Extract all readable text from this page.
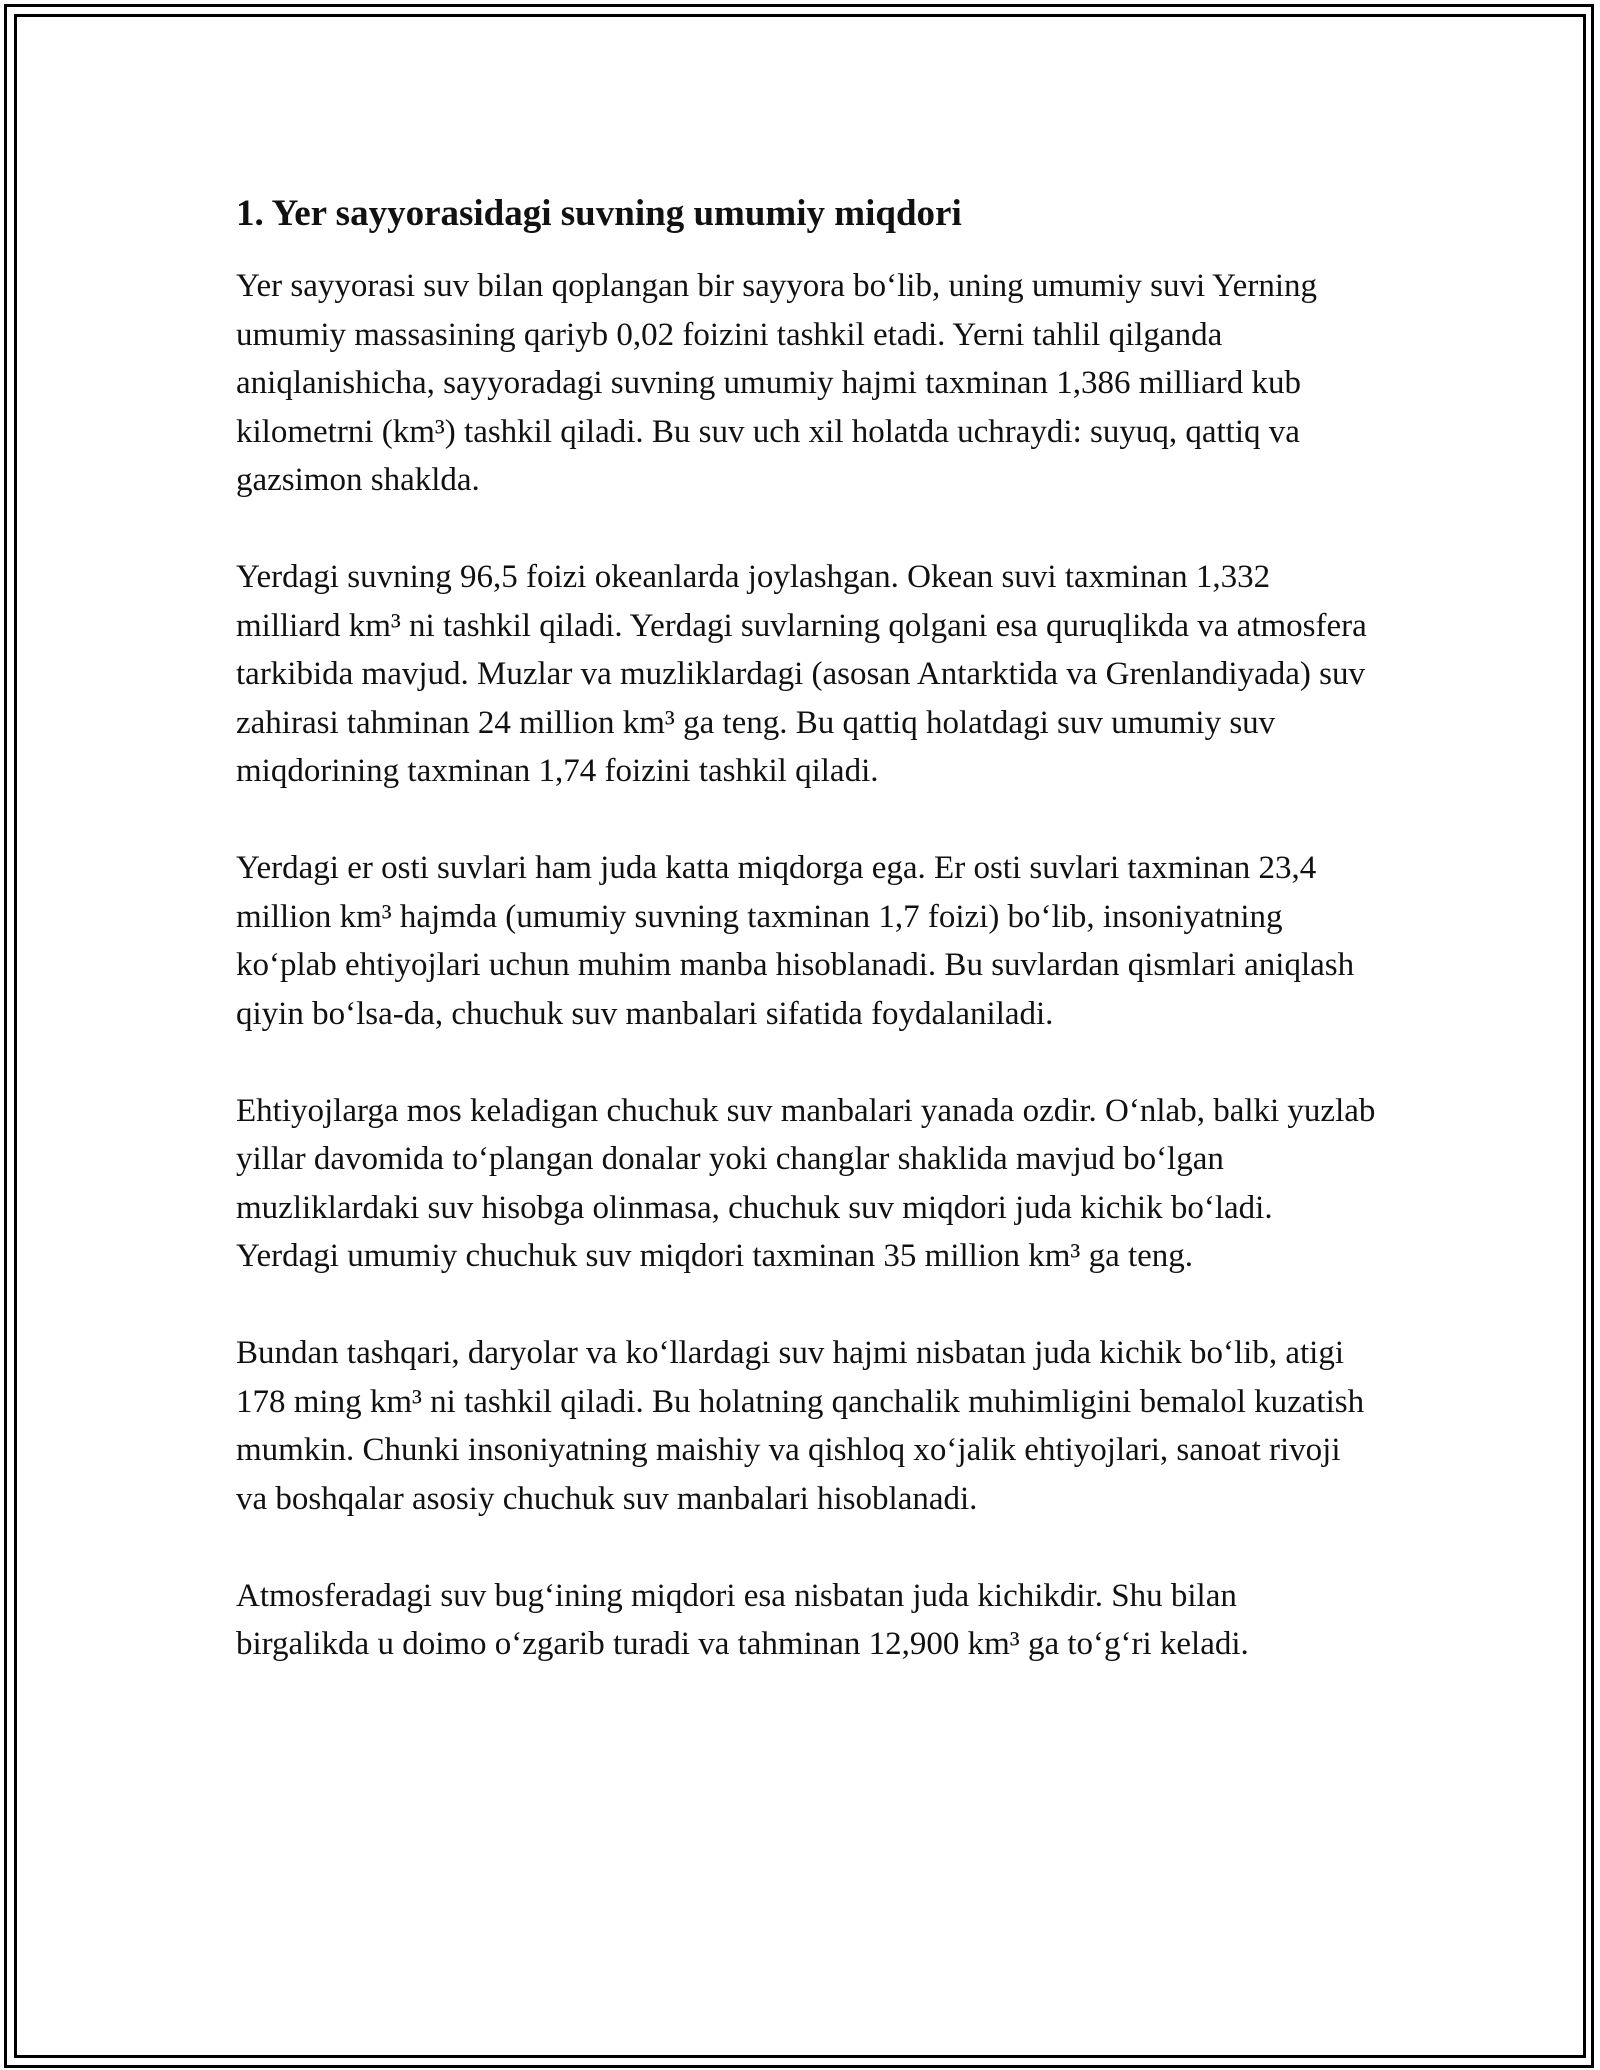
1. Yer sayyorasidagi suvning umumiy miqdori

Yer sayyorasi suv bilan qoplangan bir sayyora bo‘lib, uning umumiy suvi Yerning umumiy massasining qariyb 0,02 foizini tashkil etadi. Yerni tahlil qilganda aniqlanishicha, sayyoradagi suvning umumiy hajmi taxminan 1,386 milliard kub kilometrni (km³) tashkil qiladi. Bu suv uch xil holatda uchraydi: suyuq, qattiq va gazsimon shaklda.

Yerdagi suvning 96,5 foizi okeanlarda joylashgan. Okean suvi taxminan 1,332 milliard km³ ni tashkil qiladi. Yerdagi suvlarning qolgani esa quruqlikda va atmosfera tarkibida mavjud. Muzlar va muzliklardagi (asosan Antarktida va Grenlandiyada) suv zahirasi tahminan 24 million km³ ga teng. Bu qattiq holatdagi suv umumiy suv miqdorining taxminan 1,74 foizini tashkil qiladi.

Yerdagi er osti suvlari ham juda katta miqdorga ega. Er osti suvlari taxminan 23,4 million km³ hajmda (umumiy suvning taxminan 1,7 foizi) bo‘lib, insoniyatning ko‘plab ehtiyojlari uchun muhim manba hisoblanadi. Bu suvlardan qismlari aniqlash qiyin bo‘lsa-da, chuchuk suv manbalari sifatida foydalaniladi.

Ehtiyojlarga mos keladigan chuchuk suv manbalari yanada ozdir. O‘nlab, balki yuzlab yillar davomida to‘plangan donalar yoki changlar shaklida mavjud bo‘lgan muzliklardaki suv hisobga olinmasa, chuchuk suv miqdori juda kichik bo‘ladi. Yerdagi umumiy chuchuk suv miqdori taxminan 35 million km³ ga teng.

Bundan tashqari, daryolar va ko‘llardagi suv hajmi nisbatan juda kichik bo‘lib, atigi 178 ming km³ ni tashkil qiladi. Bu holatning qanchalik muhimligini bemalol kuzatish mumkin. Chunki insoniyatning maishiy va qishloq xo‘jalik ehtiyojlari, sanoat rivoji va boshqalar asosiy chuchuk suv manbalari hisoblanadi.

Atmosferadagi suv bug‘ining miqdori esa nisbatan juda kichikdir. Shu bilan birgalikda u doimo o‘zgarib turadi va tahminan 12,900 km³ ga to‘g‘ri keladi.
